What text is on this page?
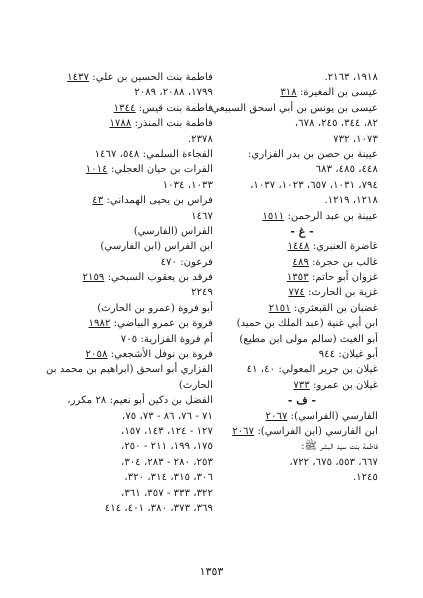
١٩١٨، ٢١٦٣.
عيسى بن المغيرة: ٣١٨
عيسى بن يونس بن أبي اسحق السبيعي:
٨٢، ٣٤٤، ٢٤٥، ٦٧٨،
١٠٧٣، ٧٣٢
عيينة بن حصن بن بدر الفزاري:
٤٤٨، ٤٨٥، ٦٨٣
٧٩٤، ١٠٣١، ٦٥٧، ١٠٢٣، ١٠٣٧،
١٢١٨، ١٢١٩.
عيينة بن عبد الرحمن: ١٥١١
- غ -
غاضرة العنبري: ١٤٤٨
غالب بن حجرة: ٤٨٩
غزوان أبو حاتم: ١٣٥٣
غزية بن الحارث: ٧٧٤
غضبان بن القبعثري: ٢١٥١
ابن أبي غنية (عبد الملك بن حميد)
أبو الغيث (سالم مولى ابن مطيع)
أبو غيلان: ٩٤٤
غيلان بن جرير المعولي: ٤٠، ٤١
غيلان بن عمرو: ٧٣٣
- ف -
الفارسي (الفراسي): ٢٠٦٧
ابن الفارسي (ابن الفراسي): ٢٠٦٧
فاطمة بنت سيد البشر ﷺ:
٦٦٧، ٥٥٣، ٦٧٥، ٧٢٢،
١٢٤٥.
فاطمة بنت الحسين بن علي: ١٤٣٧
١٧٩٩، ٢٠٨٨، ٢٠٨٩
فاطمة بنت قيس: ١٣٤٤
فاطمة بنت المنذر: ١٧٨٨
٢٣٧٨.
الفجاءة السلمي: ٥٤٨، ١٤٦٧
الفرات بن حيان العجلي: ١٠١٤
١٠٣٣، ١٠٣٤
فراس بن يحيى الهمداني: ٤٣
١٤٦٧
الفراس (الفارسي)
ابن الفراس (ابن الفارسي)
فرعون: ٤٧٠
فرقد بن يعقوب السبخي: ٢١٥٩
٢٢٤٩
أبو فروة (عمرو بن الحارث)
فروة بن عمرو البياضي: ١٩٨٢
أم فروة الفزارية: ٧٠٥
فروة بن نوفل الأشجعي: ٢٠٥٨
الفزاري أبو اسحق (ابراهيم بن محمد بن
الحارث)
الفضل بن دكين أبو نعيم: ٢٨ مكرر،
٧١ - ٧٦، ٨٦ - ٧٣، ٧٥،
١٢٧ - ١٢٤، ١٤٣، ١٥٧،
١٧٥، ١٩٩، ٢١١ - ٢٥٠،
٢٥٣، ٢٨٠ - ٢٨٣، ٣٠٤،
٣٠٦، ٣١٥، ٣١٤، ٣٢٠،
٣٢٢، ٣٣٣ - ٣٥٧، ٣٦١،
٣٦٩، ٣٧٣، ٣٨٠، ٤٠١، ٤١٤
١٣٥٣
